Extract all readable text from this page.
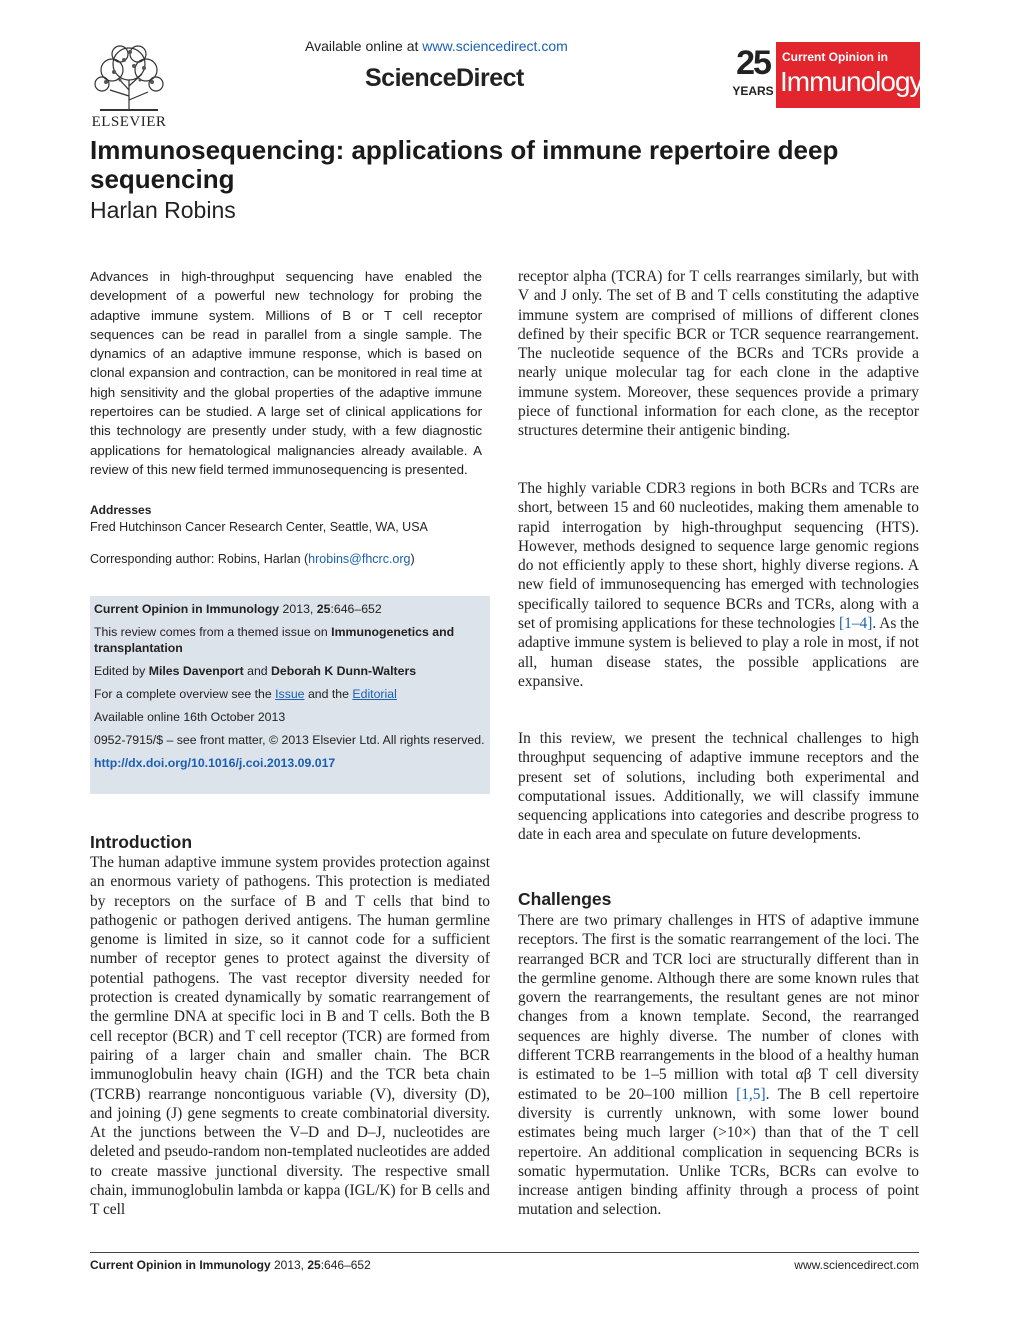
ELSEVIER
Available online at www.sciencedirect.com
ScienceDirect	25
YEARS
Current Opinion in
Immunology
Immunosequencing: applications of immune repertoire deep sequencing
Harlan Robins

Advances in high-throughput sequencing have enabled the development of a powerful new technology for probing the adaptive immune system. Millions of B or T cell receptor sequences can be read in parallel from a single sample. The dynamics of an adaptive immune response, which is based on clonal expansion and contraction, can be monitored in real time at high sensitivity and the global properties of the adaptive immune repertoires can be studied. A large set of clinical applications for this technology are presently under study, with a few diagnostic applications for hematological malignancies already available. A review of this new field termed immunosequencing is presented.

Addresses
Fred Hutchinson Cancer Research Center, Seattle, WA, USA
Corresponding author: Robins, Harlan (hrobins@fhcrc.org)

Current Opinion in Immunology 2013, 25:646–652

This review comes from a themed issue on Immunogenetics and transplantation

Edited by Miles Davenport and Deborah K Dunn-Walters

For a complete overview see the Issue and the Editorial

Available online 16th October 2013

0952-7915/$ – see front matter, © 2013 Elsevier Ltd. All rights reserved.

http://dx.doi.org/10.1016/j.coi.2013.09.017

Introduction

The human adaptive immune system provides protection against an enormous variety of pathogens. This protection is mediated by receptors on the surface of B and T cells that bind to pathogenic or pathogen derived antigens. The human germline genome is limited in size, so it cannot code for a sufficient number of receptor genes to protect against the diversity of potential pathogens. The vast receptor diversity needed for protection is created dynamically by somatic rearrangement of the germline DNA at specific loci in B and T cells. Both the B cell receptor (BCR) and T cell receptor (TCR) are formed from pairing of a larger chain and smaller chain. The BCR immunoglobulin heavy chain (IGH) and the TCR beta chain (TCRB) rearrange noncontiguous variable (V), diversity (D), and joining (J) gene segments to create combinatorial diversity. At the junctions between the V–D and D–J, nucleotides are deleted and pseudo-random non-templated nucleotides are added to create massive junctional diversity. The respective small chain, immunoglobulin lambda or kappa (IGL/K) for B cells and T cell

receptor alpha (TCRA) for T cells rearranges similarly, but with V and J only. The set of B and T cells constituting the adaptive immune system are comprised of millions of different clones defined by their specific BCR or TCR sequence rearrangement. The nucleotide sequence of the BCRs and TCRs provide a nearly unique molecular tag for each clone in the adaptive immune system. Moreover, these sequences provide a primary piece of functional information for each clone, as the receptor structures determine their antigenic binding.

The highly variable CDR3 regions in both BCRs and TCRs are short, between 15 and 60 nucleotides, making them amenable to rapid interrogation by high-throughput sequencing (HTS). However, methods designed to sequence large genomic regions do not efficiently apply to these short, highly diverse regions. A new field of immunosequencing has emerged with technologies specifically tailored to sequence BCRs and TCRs, along with a set of promising applications for these technologies [1–4]. As the adaptive immune system is believed to play a role in most, if not all, human disease states, the possible applications are expansive.

In this review, we present the technical challenges to high throughput sequencing of adaptive immune receptors and the present set of solutions, including both experimental and computational issues. Additionally, we will classify immune sequencing applications into categories and describe progress to date in each area and speculate on future developments.

Challenges

There are two primary challenges in HTS of adaptive immune receptors. The first is the somatic rearrangement of the loci. The rearranged BCR and TCR loci are structurally different than in the germline genome. Although there are some known rules that govern the rearrangements, the resultant genes are not minor changes from a known template. Second, the rearranged sequences are highly diverse. The number of clones with different TCRB rearrangements in the blood of a healthy human is estimated to be 1–5 million with total αβ T cell diversity estimated to be 20–100 million [1,5]. The B cell repertoire diversity is currently unknown, with some lower bound estimates being much larger (>10×) than that of the T cell repertoire. An additional complication in sequencing BCRs is somatic hypermutation. Unlike TCRs, BCRs can evolve to increase antigen binding affinity through a process of point mutation and selection.

Current Opinion in Immunology 2013, 25:646–652	www.sciencedirect.com
